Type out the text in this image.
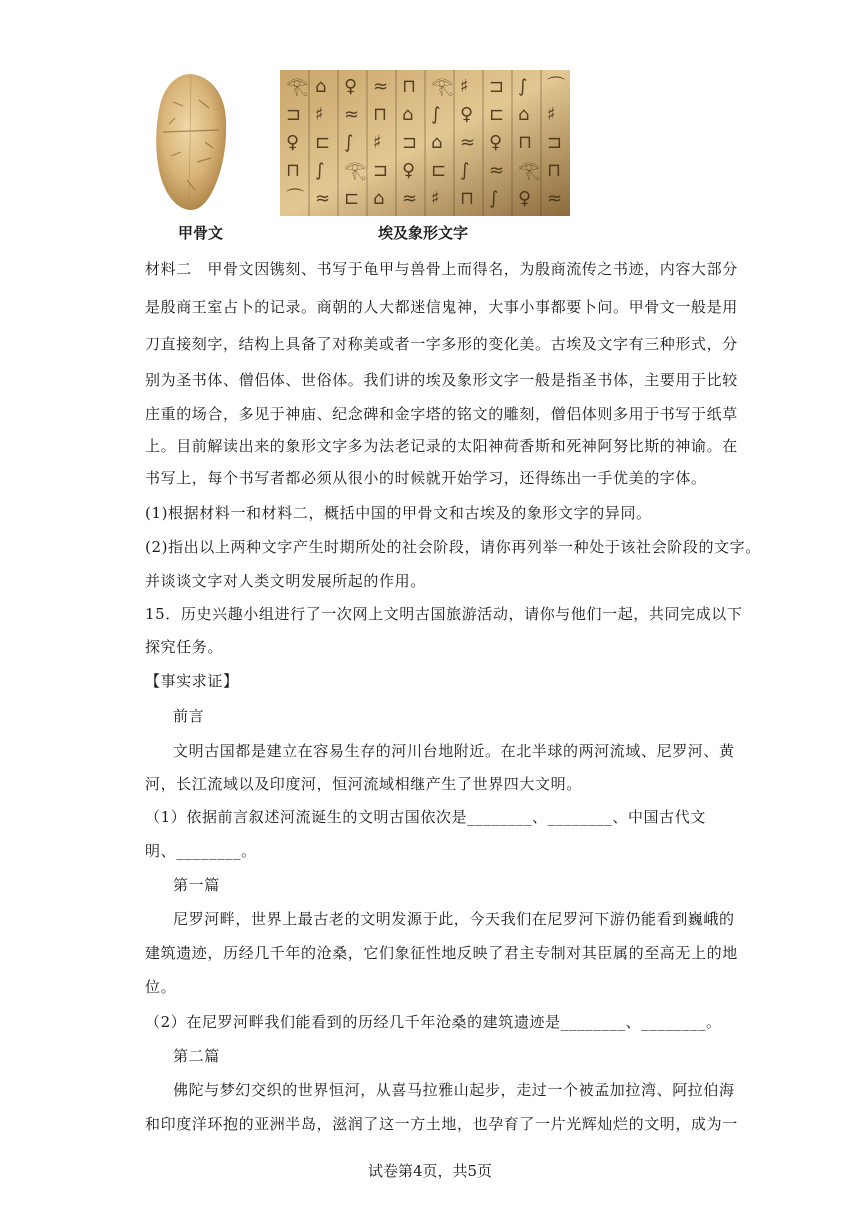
𓂀 ⌂ ♀ ≈ ⊓ 𓂀 ♯ ⊐ ∫ ⌒
⊐ ♯ ≈ ⊓ ⌂ ∫ ♀ ⊏ ⌂ ♯
♀ ⊏ ∫ ♯ ⊐ ⌂ ≈ ♀ ⊓ ⊐
⊓ ∫ 𓂀 ⊐ ♀ ⊏ ∫ ≈ 𓂀 ⊓
⌒ ≈ ⊏ ⌂ ≈ ♯ ⊓ ∫ ♀ ≈
甲骨文	埃及象形文字
材料二　甲骨文因镌刻、书写于龟甲与兽骨上而得名，为殷商流传之书迹，内容大部分
是殷商王室占卜的记录。商朝的人大都迷信鬼神，大事小事都要卜问。甲骨文一般是用
刀直接刻字，结构上具备了对称美或者一字多形的变化美。古埃及文字有三种形式，分
别为圣书体、僧侣体、世俗体。我们讲的埃及象形文字一般是指圣书体，主要用于比较
庄重的场合，多见于神庙、纪念碑和金字塔的铭文的雕刻，僧侣体则多用于书写于纸草
上。目前解读出来的象形文字多为法老记录的太阳神荷香斯和死神阿努比斯的神谕。在
书写上，每个书写者都必须从很小的时候就开始学习，还得练出一手优美的字体。
(1)根据材料一和材料二，概括中国的甲骨文和古埃及的象形文字的异同。
(2)指出以上两种文字产生时期所处的社会阶段，请你再列举一种处于该社会阶段的文字。
并谈谈文字对人类文明发展所起的作用。
15．历史兴趣小组进行了一次网上文明古国旅游活动，请你与他们一起，共同完成以下
探究任务。
【事实求证】
前言
文明古国都是建立在容易生存的河川台地附近。在北半球的两河流域、尼罗河、黄
河，长江流域以及印度河，恒河流域相继产生了世界四大文明。
（1）依据前言叙述河流诞生的文明古国依次是________、________、中国古代文
明、________。
第一篇
尼罗河畔，世界上最古老的文明发源于此，今天我们在尼罗河下游仍能看到巍峨的
建筑遗迹，历经几千年的沧桑，它们象征性地反映了君主专制对其臣属的至高无上的地
位。
（2）在尼罗河畔我们能看到的历经几千年沧桑的建筑遗迹是________、________。
第二篇
佛陀与梦幻交织的世界恒河，从喜马拉雅山起步，走过一个被孟加拉湾、阿拉伯海
和印度洋环抱的亚洲半岛，滋润了这一方土地，也孕育了一片光辉灿烂的文明，成为一
试卷第4页，共5页
